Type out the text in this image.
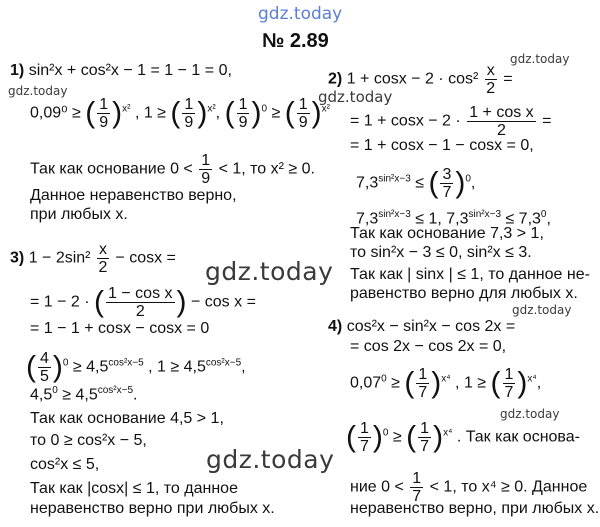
gdz.today
gdz.today
gdz.today
gdz.today
gdz.today
gdz.today
gdz.today
gdz.today
№ 2.89
1) sin²x + cos²x − 1 = 1 − 1 = 0,
0,09⁰ ≥ ( $\frac{1}{9} )^{x^2}$ , 1 ≥ ( $\frac{1}{9} )^{x^2}$, ( $\frac{1}{9} )^0$ ≥ ( $\frac{1}{9} )^{x^2}$
Так как основание $0 < \frac{1}{9} < 1$, то x² ≥ 0.
Данное неравенство верно,
при любых x.
2) $1 + \cos x - 2 \cdot \cos^2 \frac{x}{2}$ =
= $1 + \cos x - 2 \cdot \frac{\text{1 + cos x}}{2}$ =
= 1 + cosx − 1 − cosx = 0,
$7,3^{sin^2x-3}$ ≤ ( $\frac{3}{7} )^0$,
$7,3^{sin^2x-3} \le 1$, $7,3^{sin^2x-3} \le 7,3^0$,
Так как основание 7,3 > 1,
то sin²x − 3 ≤ 0, sin²x ≤ 3.
Так как | sinx | ≤ 1, то данное не-
равенство верно для любых x.
3) $1 - 2\sin^2 \frac{x}{2} - \cos x$ =
= 1 − 2 · ( $\frac{\text{1 − cos x}}{2}$ ) − cos x =
= 1 − 1 + cosx − cosx = 0
( $\frac{4}{5} )^0 \ge 4,5^{cos^2x-5}$ , $1 \ge 4,5^{cos^2x-5}$,
$4,5^0 \ge 4,5^{cos^2x-5}$.
Так как основание 4,5 > 1,
то 0 ≥ cos²x − 5,
cos²x ≤ 5,
Так как |cosx| ≤ 1, то данное
неравенство верно при любых x.
4) cos²x − sin²x − cos 2x =
= cos 2x − cos 2x = 0,
$0,07^0$ ≥ ( $\frac{1}{7} )^{x^4}$ , 1 ≥ ( $\frac{1}{7} )^{x^4}$,
( $\frac{1}{7} )^0$ ≥ ( $\frac{1}{7} )^{x^4}$ . Так как основа-
ние $0 < \frac{1}{7} < 1$, то x⁴ ≥ 0. Данное
неравенство верно, при любых x.
